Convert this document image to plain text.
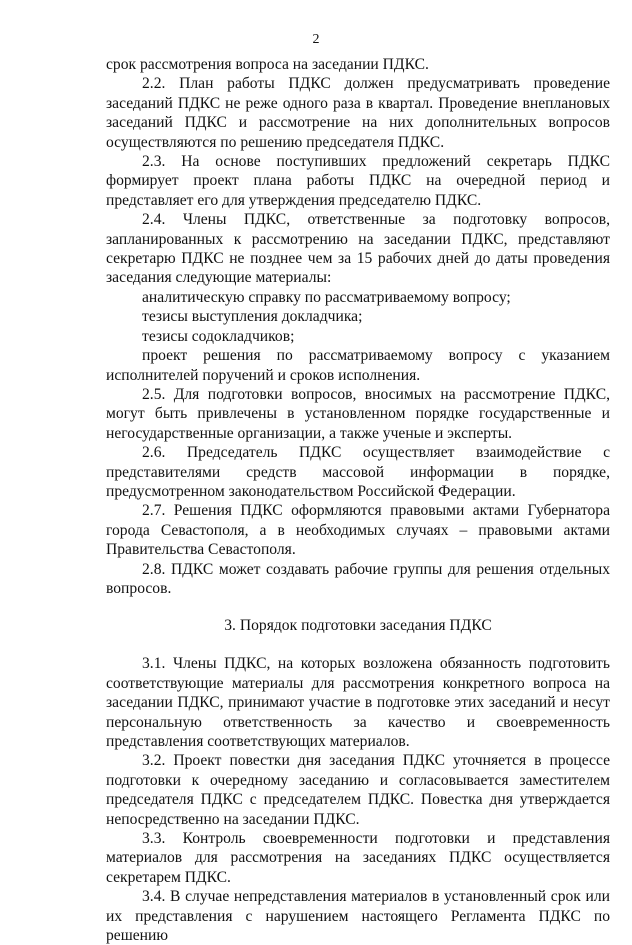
2

срок рассмотрения вопроса на заседании ПДКС.

2.2. План работы ПДКС должен предусматривать проведение заседаний ПДКС не реже одного раза в квартал. Проведение внеплановых заседаний ПДКС и рассмотрение на них дополнительных вопросов осуществляются по решению председателя ПДКС.

2.3. На основе поступивших предложений секретарь ПДКС формирует проект плана работы ПДКС на очередной период и представляет его для утверждения председателю ПДКС.

2.4. Члены ПДКС, ответственные за подготовку вопросов, запланированных к рассмотрению на заседании ПДКС, представляют секретарю ПДКС не позднее чем за 15 рабочих дней до даты проведения заседания следующие материалы:

аналитическую справку по рассматриваемому вопросу;

тезисы выступления докладчика;

тезисы содокладчиков;

проект решения по рассматриваемому вопросу с указанием исполнителей поручений и сроков исполнения.

2.5. Для подготовки вопросов, вносимых на рассмотрение ПДКС, могут быть привлечены в установленном порядке государственные и негосударственные организации, а также ученые и эксперты.

2.6. Председатель ПДКС осуществляет взаимодействие с представителями средств массовой информации в порядке, предусмотренном законодательством Российской Федерации.

2.7. Решения ПДКС оформляются правовыми актами Губернатора города Севастополя, а в необходимых случаях – правовыми актами Правительства Севастополя.

2.8. ПДКС может создавать рабочие группы для решения отдельных вопросов.

3. Порядок подготовки заседания ПДКС

3.1. Члены ПДКС, на которых возложена обязанность подготовить соответствующие материалы для рассмотрения конкретного вопроса на заседании ПДКС, принимают участие в подготовке этих заседаний и несут персональную ответственность за качество и своевременность представления соответствующих материалов.

3.2. Проект повестки дня заседания ПДКС уточняется в процессе подготовки к очередному заседанию и согласовывается заместителем председателя ПДКС с председателем ПДКС. Повестка дня утверждается непосредственно на заседании ПДКС.

3.3. Контроль своевременности подготовки и представления материалов для рассмотрения на заседаниях ПДКС осуществляется секретарем ПДКС.

3.4. В случае непредставления материалов в установленный срок или их представления с нарушением настоящего Регламента ПДКС по решению
